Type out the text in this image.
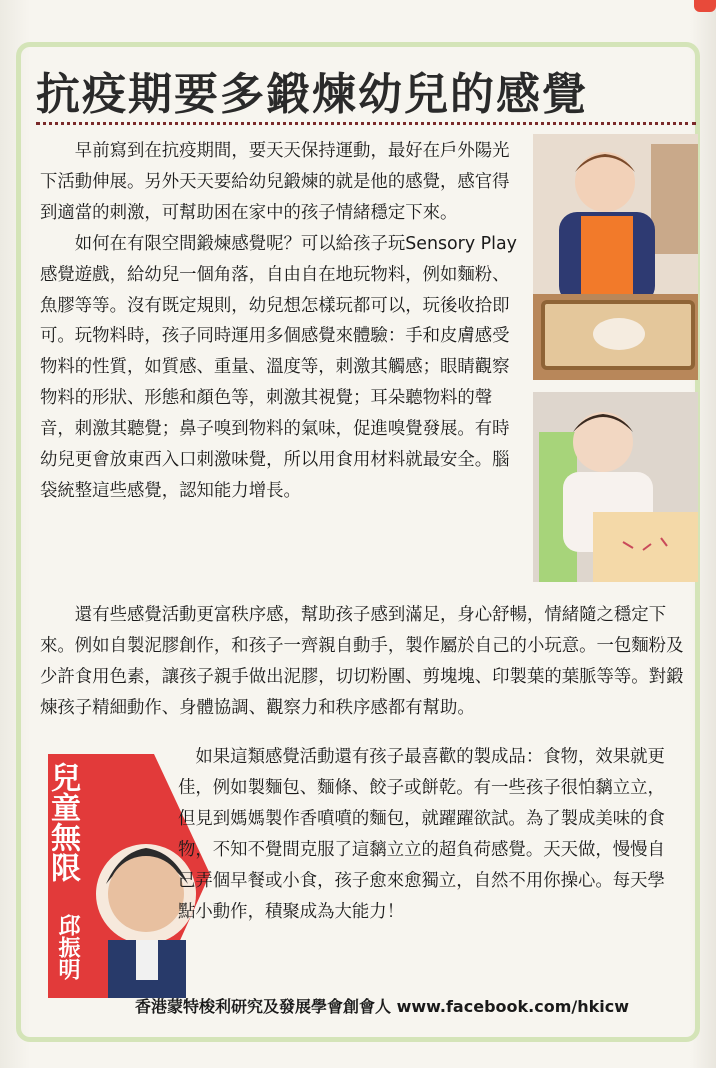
抗疫期要多鍛煉幼兒的感覺

早前寫到在抗疫期間，要天天保持運動，最好在戶外陽光下活動伸展。另外天天要給幼兒鍛煉的就是他的感覺，感官得到適當的刺激，可幫助困在家中的孩子情緒穩定下來。

如何在有限空間鍛煉感覺呢？可以給孩子玩Sensory Play感覺遊戲，給幼兒一個角落，自由自在地玩物料，例如麵粉、魚膠等等。沒有既定規則，幼兒想怎樣玩都可以，玩後收拾即可。玩物料時，孩子同時運用多個感覺來體驗：手和皮膚感受物料的性質，如質感、重量、溫度等，刺激其觸感；眼睛觀察物料的形狀、形態和顏色等，刺激其視覺；耳朵聽物料的聲音，刺激其聽覺；鼻子嗅到物料的氣味，促進嗅覺發展。有時幼兒更會放東西入口刺激味覺，所以用食用材料就最安全。腦袋統整這些感覺，認知能力增長。

還有些感覺活動更富秩序感，幫助孩子感到滿足，身心舒暢，情緒隨之穩定下來。例如自製泥膠創作，和孩子一齊親自動手，製作屬於自己的小玩意。一包麵粉及少許食用色素，讓孩子親手做出泥膠，切切粉團、剪塊塊、印製葉的葉脈等等。對鍛煉孩子精細動作、身體協調、觀察力和秩序感都有幫助。

兒童無限
邱振明

如果這類感覺活動還有孩子最喜歡的製成品：食物，效果就更佳，例如製麵包、麵條、餃子或餅乾。有一些孩子很怕黐立立，但見到媽媽製作香噴噴的麵包，就躍躍欲試。為了製成美味的食物，不知不覺間克服了這黐立立的超負荷感覺。天天做，慢慢自己弄個早餐或小食，孩子愈來愈獨立，自然不用你操心。每天學點小動作，積聚成為大能力！

香港蒙特梭利研究及發展學會創會人 www.facebook.com/hkicw
